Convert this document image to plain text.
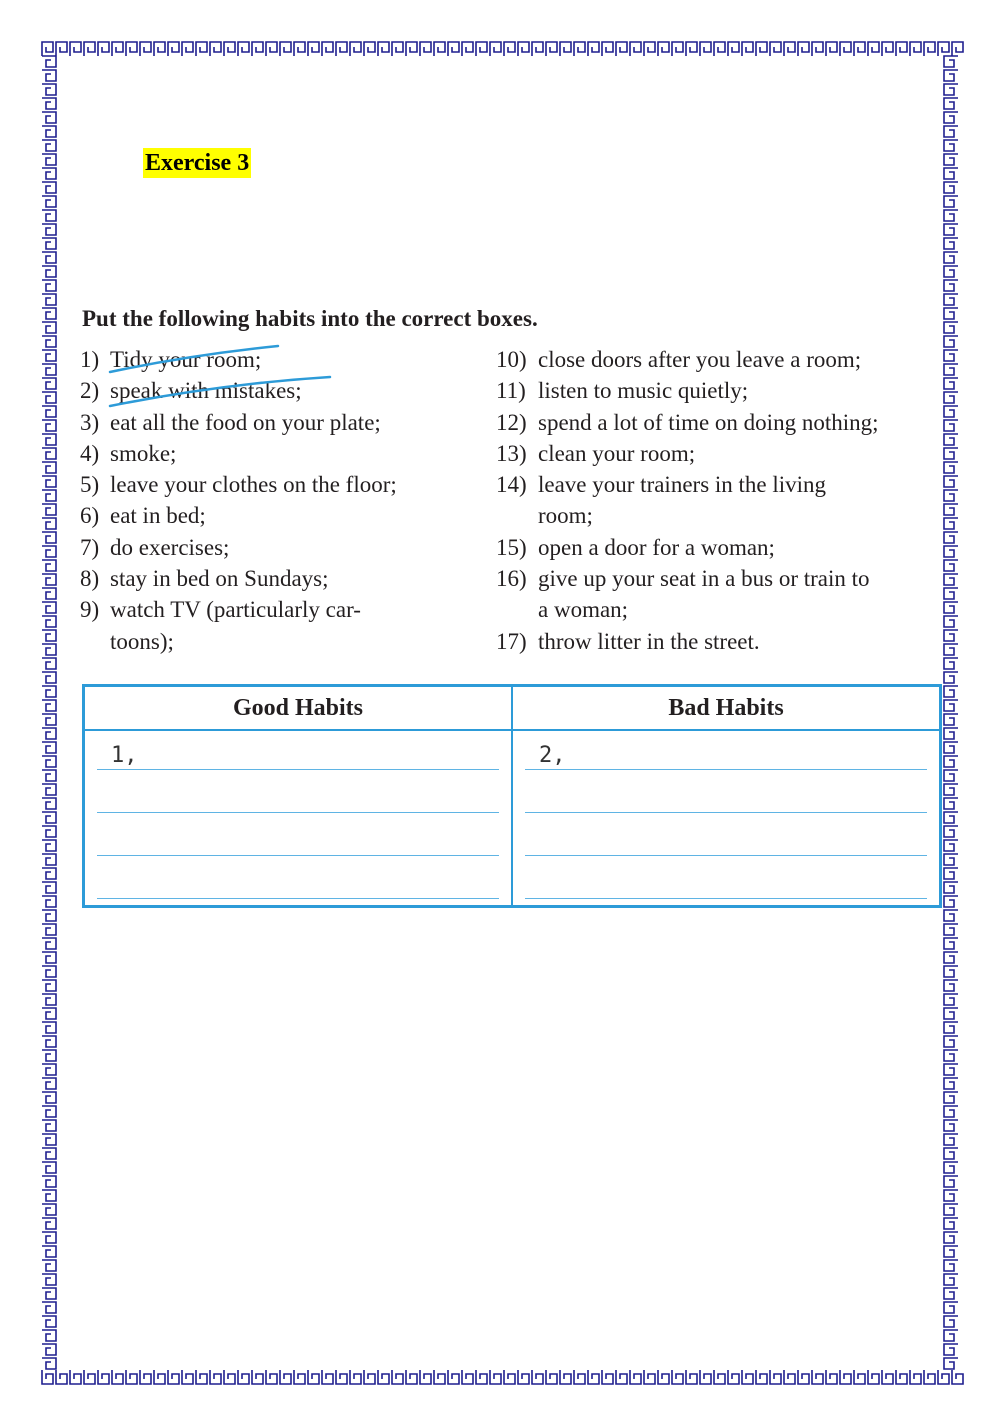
Exercise 3
Put the following habits into the correct boxes.
1) Tidy your room;
2) speak with mistakes;
3) eat all the food on your plate;
4) smoke;
5) leave your clothes on the floor;
6) eat in bed;
7) do exercises;
8) stay in bed on Sundays;
9) watch TV (particularly car-
toons);
10) close doors after you leave a room;
11) listen to music quietly;
12) spend a lot of time on doing nothing;
13) clean your room;
14) leave your trainers in the living
room;
15) open a door for a woman;
16) give up your seat in a bus or train to
a woman;
17) throw litter in the street.
Good Habits	Bad Habits

1,	2,
